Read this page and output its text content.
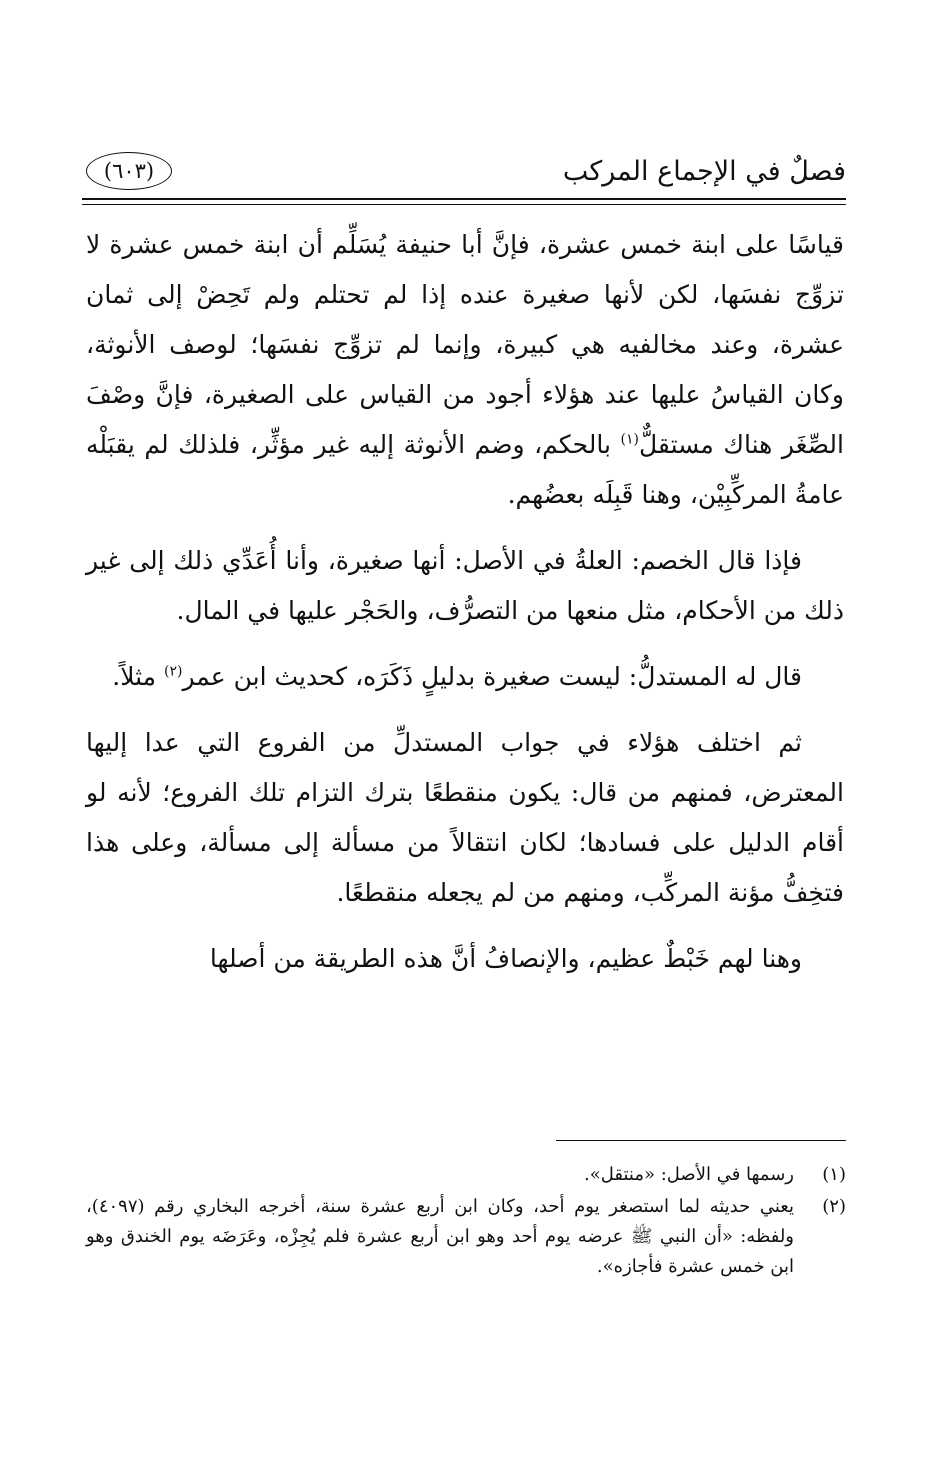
فصلٌ في الإجماع المركب
(٦٠٣)

قياسًا على ابنة خمس عشرة، فإنَّ أبا حنيفة يُسَلِّم أن ابنة خمس عشرة لا تزوِّج نفسَها، لكن لأنها صغيرة عنده إذا لم تحتلم ولم تَحِضْ إلى ثمان عشرة، وعند مخالفيه هي كبيرة، وإنما لم تزوِّج نفسَها؛ لوصف الأنوثة، وكان القياسُ عليها عند هؤلاء أجود من القياس على الصغيرة، فإنَّ وصْفَ الصِّغَر هناك مستقلٌّ$^{(١)}$ بالحكم، وضم الأنوثة إليه غير مؤثِّر، فلذلك لم يقبَلْه عامةُ المركِّبِيْن، وهنا قَبِلَه بعضُهم.

فإذا قال الخصم: العلةُ في الأصل: أنها صغيرة، وأنا أُعَدِّي ذلك إلى غير ذلك من الأحكام، مثل منعها من التصرُّف، والحَجْر عليها في المال.

قال له المستدلُّ: ليست صغيرة بدليلٍ ذَكَرَه، كحديث ابن عمر$^{(٢)}$ مثلاً.

ثم اختلف هؤلاء في جواب المستدلِّ من الفروع التي عدا إليها المعترض، فمنهم من قال: يكون منقطعًا بترك التزام تلك الفروع؛ لأنه لو أقام الدليل على فسادها؛ لكان انتقالاً من مسألة إلى مسألة، وعلى هذا فتخِفُّ مؤنة المركِّب، ومنهم من لم يجعله منقطعًا.

وهنا لهم خَبْطٌ عظيم، والإنصافُ أنَّ هذه الطريقة من أصلها

(١)
رسمها في الأصل: «منتقل».

(٢)
يعني حديثه لما استصغر يوم أحد، وكان ابن أربع عشرة سنة، أخرجه البخاري رقم (٤٠٩٧)، ولفظه: «أن النبي ﷺ عرضه يوم أحد وهو ابن أربع عشرة فلم يُجِزْه، وعَرَضَه يوم الخندق وهو ابن خمس عشرة فأجازه».
